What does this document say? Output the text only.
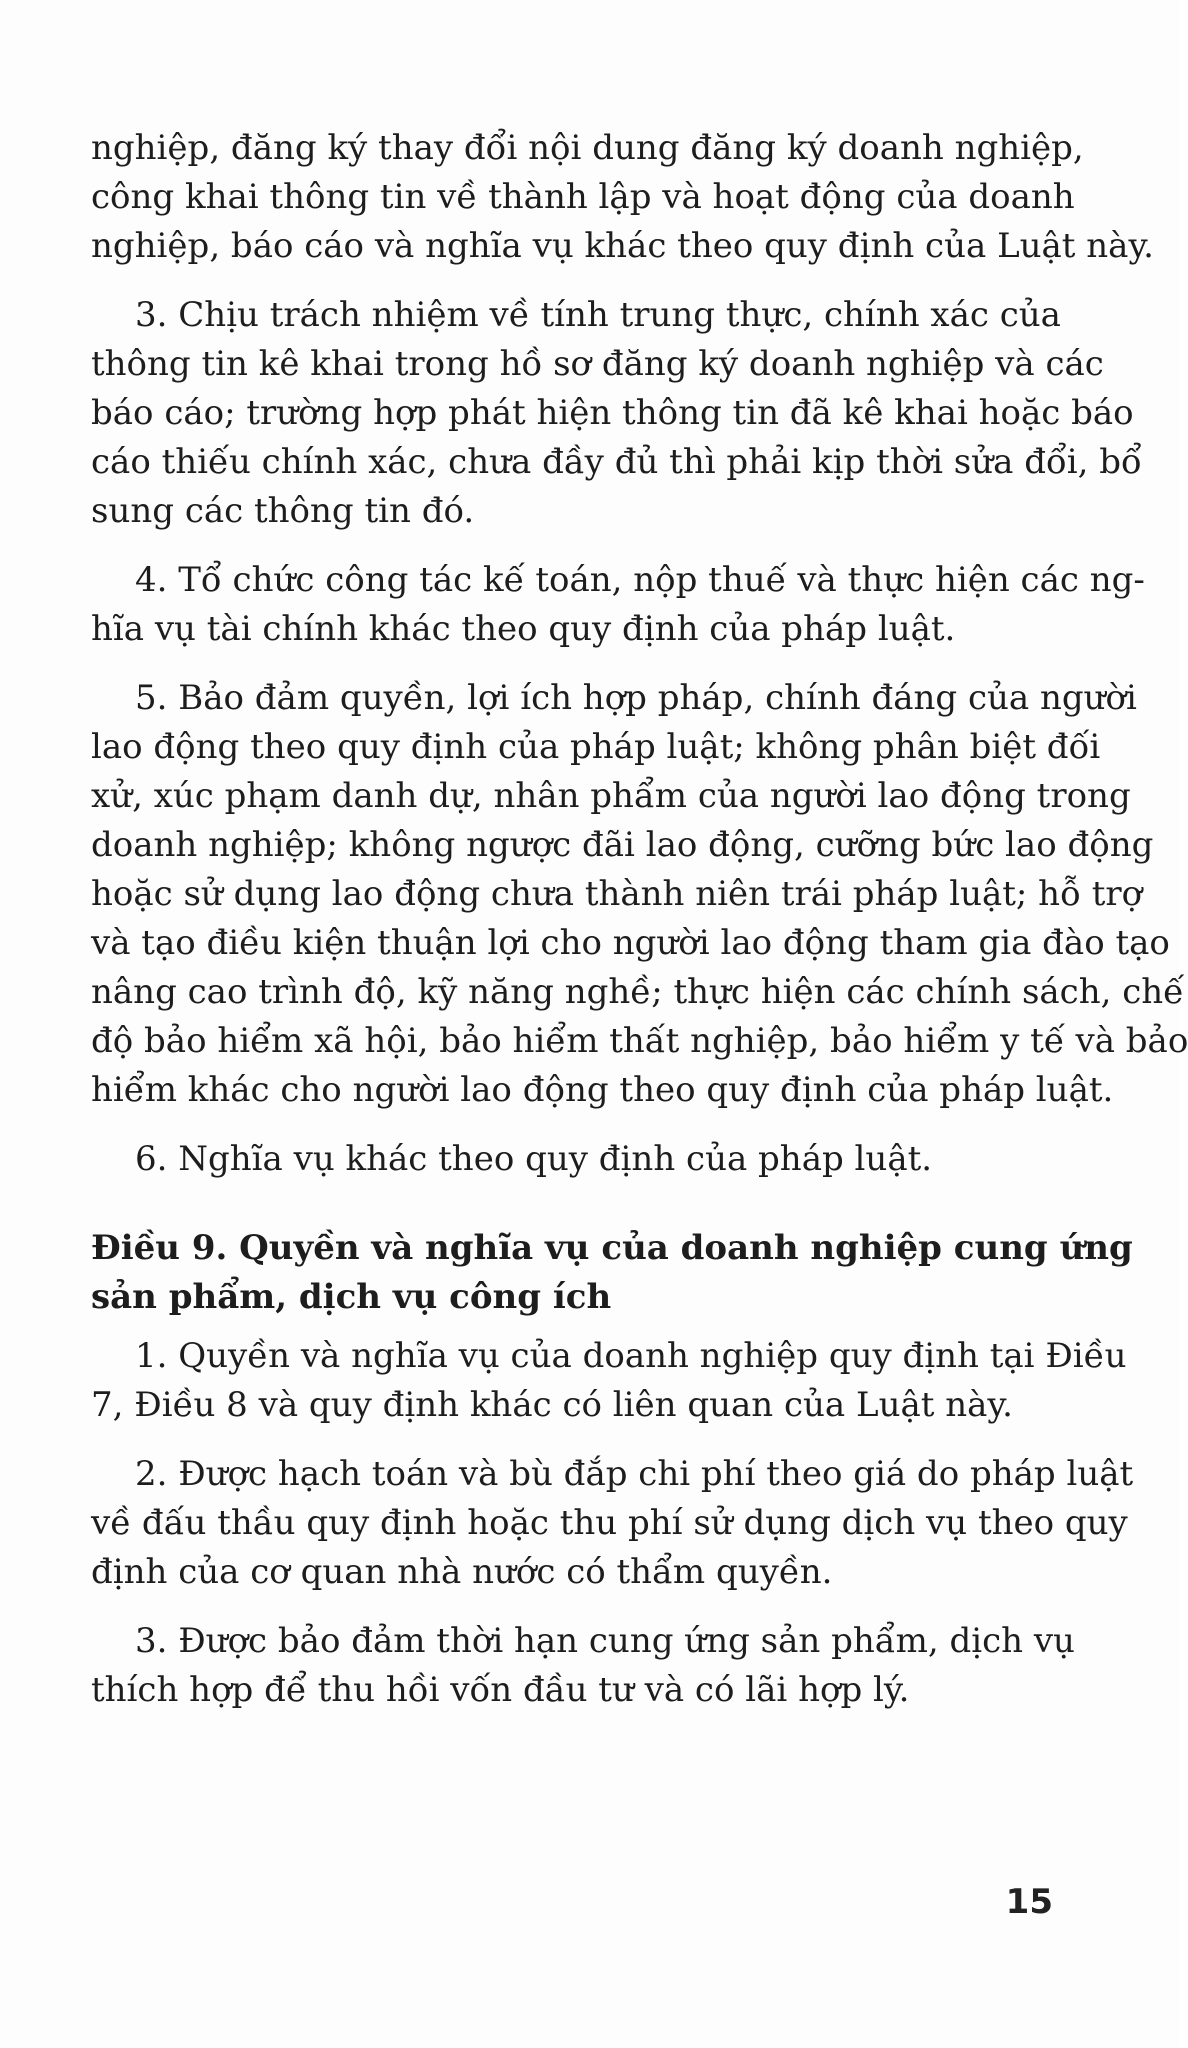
nghiệp, đăng ký thay đổi nội dung đăng ký doanh nghiệp,
công khai thông tin về thành lập và hoạt động của doanh
nghiệp, báo cáo và nghĩa vụ khác theo quy định của Luật này.

3. Chịu trách nhiệm về tính trung thực, chính xác của
thông tin kê khai trong hồ sơ đăng ký doanh nghiệp và các
báo cáo; trường hợp phát hiện thông tin đã kê khai hoặc báo
cáo thiếu chính xác, chưa đầy đủ thì phải kịp thời sửa đổi, bổ
sung các thông tin đó.

4. Tổ chức công tác kế toán, nộp thuế và thực hiện các ng-
hĩa vụ tài chính khác theo quy định của pháp luật.

5. Bảo đảm quyền, lợi ích hợp pháp, chính đáng của người
lao động theo quy định của pháp luật; không phân biệt đối
xử, xúc phạm danh dự, nhân phẩm của người lao động trong
doanh nghiệp; không ngược đãi lao động, cưỡng bức lao động
hoặc sử dụng lao động chưa thành niên trái pháp luật; hỗ trợ
và tạo điều kiện thuận lợi cho người lao động tham gia đào tạo
nâng cao trình độ, kỹ năng nghề; thực hiện các chính sách, chế
độ bảo hiểm xã hội, bảo hiểm thất nghiệp, bảo hiểm y tế và bảo
hiểm khác cho người lao động theo quy định của pháp luật.

6. Nghĩa vụ khác theo quy định của pháp luật.

Điều 9. Quyền và nghĩa vụ của doanh nghiệp cung ứng
sản phẩm, dịch vụ công ích

1. Quyền và nghĩa vụ của doanh nghiệp quy định tại Điều
7, Điều 8 và quy định khác có liên quan của Luật này.

2. Được hạch toán và bù đắp chi phí theo giá do pháp luật
về đấu thầu quy định hoặc thu phí sử dụng dịch vụ theo quy
định của cơ quan nhà nước có thẩm quyền.

3. Được bảo đảm thời hạn cung ứng sản phẩm, dịch vụ
thích hợp để thu hồi vốn đầu tư và có lãi hợp lý.

15
